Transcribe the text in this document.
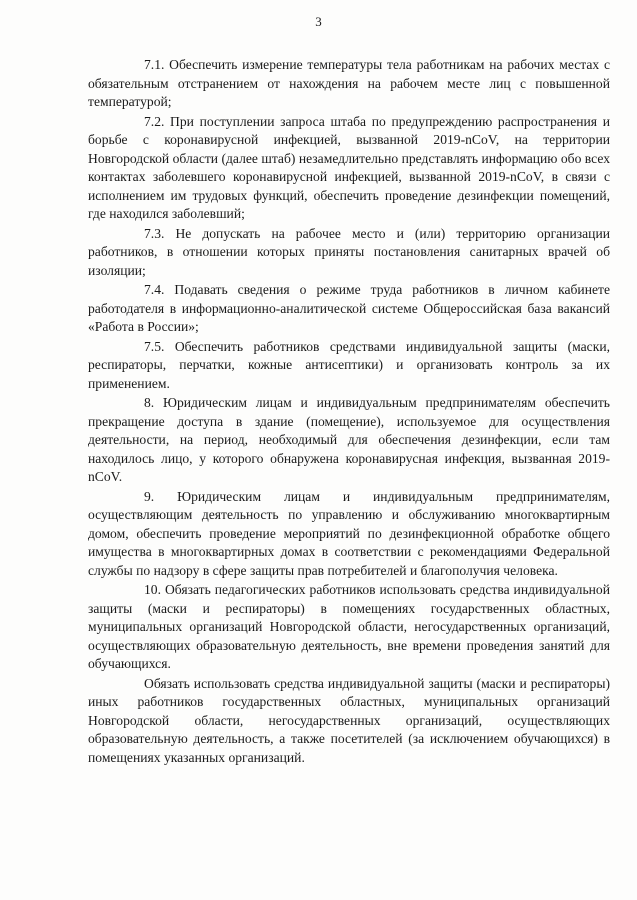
3

7.1. Обеспечить измерение температуры тела работникам на рабочих местах с обязательным отстранением от нахождения на рабочем месте лиц с повышенной температурой;

7.2. При поступлении запроса штаба по предупреждению распространения и борьбе с коронавирусной инфекцией, вызванной 2019-nCoV, на территории Новгородской области (далее штаб) незамедлительно представлять информацию обо всех контактах заболевшего коронавирусной инфекцией, вызванной 2019-nCoV, в связи с исполнением им трудовых функций, обеспечить проведение дезинфекции помещений, где находился заболевший;

7.3. Не допускать на рабочее место и (или) территорию организации работников, в отношении которых приняты постановления санитарных врачей об изоляции;

7.4. Подавать сведения о режиме труда работников в личном кабинете работодателя в информационно-аналитической системе Общероссийская база вакансий «Работа в России»;

7.5. Обеспечить работников средствами индивидуальной защиты (маски, респираторы, перчатки, кожные антисептики) и организовать контроль за их применением.

8. Юридическим лицам и индивидуальным предпринимателям обеспечить прекращение доступа в здание (помещение), используемое для осуществления деятельности, на период, необходимый для обеспечения дезинфекции, если там находилось лицо, у которого обнаружена коронавирусная инфекция, вызванная 2019-nCoV.

9. Юридическим лицам и индивидуальным предпринимателям, осуществляющим деятельность по управлению и обслуживанию многоквартирным домом, обеспечить проведение мероприятий по дезинфекционной обработке общего имущества в многоквартирных домах в соответствии с рекомендациями Федеральной службы по надзору в сфере защиты прав потребителей и благополучия человека.

10. Обязать педагогических работников использовать средства индивидуальной защиты (маски и респираторы) в помещениях государственных областных, муниципальных организаций Новгородской области, негосударственных организаций, осуществляющих образовательную деятельность, вне времени проведения занятий для обучающихся.

Обязать использовать средства индивидуальной защиты (маски и респираторы) иных работников государственных областных, муниципальных организаций Новгородской области, негосударственных организаций, осуществляющих образовательную деятельность, а также посетителей (за исключением обучающихся) в помещениях указанных организаций.
